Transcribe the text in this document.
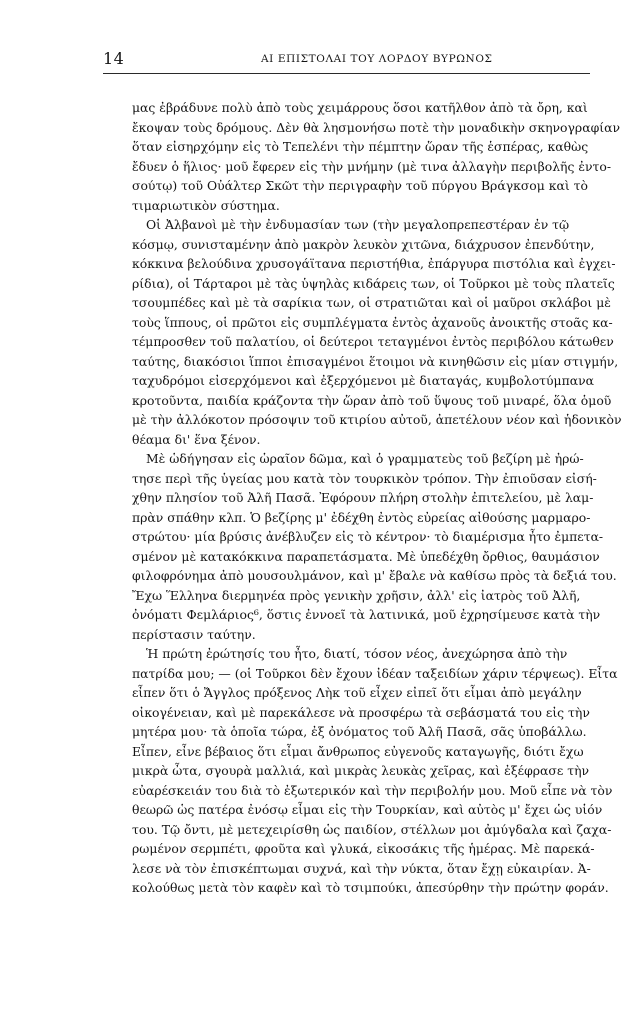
14	ΑΙ ΕΠΙΣΤΟΛΑΙ ΤΟΥ ΛΟΡΔΟΥ ΒΥΡΩΝΟΣ
μας ἐβράδυνε πολὺ ἀπὸ τοὺς χειμάρρους ὅσοι κατῆλθον ἀπὸ τὰ ὄρη, καὶ
ἔκοψαν τοὺς δρόμους. Δὲν θὰ λησμονήσω ποτὲ τὴν μοναδικὴν σκηνογραφίαν
ὅταν εἰσηρχόμην εἰς τὸ Τεπελένι τὴν πέμπτην ὥραν τῆς ἑσπέρας, καθὼς
ἔδυεν ὁ ἥλιος· μοῦ ἔφερεν εἰς τὴν μνήμην (μὲ τινα ἀλλαγὴν περιβολῆς ἐντο-
σούτῳ) τοῦ Οὐάλτερ Σκῶτ τὴν περιγραφὴν τοῦ πύργου Βράγκσομ καὶ τὸ
τιμαριωτικὸν σύστημα.
Οἱ Ἀλβανοὶ μὲ τὴν ἐνδυμασίαν των (τὴν μεγαλοπρεπεστέραν ἐν τῷ
κόσμῳ, συνισταμένην ἀπὸ μακρὸν λευκὸν χιτῶνα, διάχρυσον ἐπενδύτην,
κόκκινα βελούδινα χρυσογάϊτανα περιστήθια, ἐπάργυρα πιστόλια καὶ ἐγχει-
ρίδια), οἱ Τάρταροι μὲ τὰς ὑψηλὰς κιδάρεις των, οἱ Τοῦρκοι μὲ τοὺς πλατεῖς
τσουμπέδες καὶ μὲ τὰ σαρίκια των, οἱ στρατιῶται καὶ οἱ μαῦροι σκλάβοι μὲ
τοὺς ἵππους, οἱ πρῶτοι εἰς συμπλέγματα ἐντὸς ἀχανοῦς ἀνοικτῆς στοᾶς κα-
τέμπροσθεν τοῦ παλατίου, οἱ δεύτεροι τεταγμένοι ἐντὸς περιβόλου κάτωθεν
ταύτης, διακόσιοι ἵπποι ἐπισαγμένοι ἕτοιμοι νὰ κινηθῶσιν εἰς μίαν στιγμήν,
ταχυδρόμοι εἰσερχόμενοι καὶ ἐξερχόμενοι μὲ διαταγάς, κυμβολοτύμπανα
κροτοῦντα, παιδία κράζοντα τὴν ὥραν ἀπὸ τοῦ ὕψους τοῦ μιναρέ, ὅλα ὁμοῦ
μὲ τὴν ἀλλόκοτον πρόσοψιν τοῦ κτιρίου αὐτοῦ, ἀπετέλουν νέον καὶ ἡδονικὸν
θέαμα δι' ἕνα ξένον.
Μὲ ὡδήγησαν εἰς ὡραῖον δῶμα, καὶ ὁ γραμματεὺς τοῦ βεζίρη μὲ ἠρώ-
τησε περὶ τῆς ὑγείας μου κατὰ τὸν τουρκικὸν τρόπον. Τὴν ἐπιοῦσαν εἰσή-
χθην πλησίον τοῦ Ἀλῆ Πασᾶ. Ἐφόρουν πλήρη στολὴν ἐπιτελείου, μὲ λαμ-
πρὰν σπάθην κλπ. Ὁ βεζίρης μ' ἐδέχθη ἐντὸς εὐρείας αἰθούσης μαρμαρο-
στρώτου· μία βρύσις ἀνέβλυζεν εἰς τὸ κέντρον· τὸ διαμέρισμα ἦτο ἐμπετα-
σμένον μὲ κατακόκκινα παραπετάσματα. Μὲ ὑπεδέχθη ὄρθιος, θαυμάσιον
φιλοφρόνημα ἀπὸ μουσουλμάνον, καὶ μ' ἔβαλε νὰ καθίσω πρὸς τὰ δεξιά του.
Ἔχω Ἕλληνα διερμηνέα πρὸς γενικὴν χρῆσιν, ἀλλ' εἰς ἰατρὸς τοῦ Ἀλῆ,
ὀνόματι Φεμλάριος⁶, ὅστις ἐννοεῖ τὰ λατινικά, μοῦ ἐχρησίμευσε κατὰ τὴν
περίστασιν ταύτην.
Ἡ πρώτη ἐρώτησίς του ἦτο, διατί, τόσον νέος, ἀνεχώρησα ἀπὸ τὴν
πατρίδα μου; — (οἱ Τοῦρκοι δὲν ἔχουν ἰδέαν ταξειδίων χάριν τέρψεως). Εἶτα
εἶπεν ὅτι ὁ Ἄγγλος πρόξενος Λὴκ τοῦ εἶχεν εἰπεῖ ὅτι εἶμαι ἀπὸ μεγάλην
οἰκογένειαν, καὶ μὲ παρεκάλεσε νὰ προσφέρω τὰ σεβάσματά του εἰς τὴν
μητέρα μου· τὰ ὁποῖα τώρα, ἐξ ὀνόματος τοῦ Ἀλῆ Πασᾶ, σᾶς ὑποβάλλω.
Εἶπεν, εἶνε βέβαιος ὅτι εἶμαι ἄνθρωπος εὐγενοῦς καταγωγῆς, διότι ἔχω
μικρὰ ὦτα, σγουρὰ μαλλιά, καὶ μικρὰς λευκὰς χεῖρας, καὶ ἐξέφρασε τὴν
εὐαρέσκειάν του διὰ τὸ ἐξωτερικόν καὶ τὴν περιβολήν μου. Μοῦ εἶπε νὰ τὸν
θεωρῶ ὡς πατέρα ἐνόσῳ εἶμαι εἰς τὴν Τουρκίαν, καὶ αὐτὸς μ' ἔχει ὡς υἱόν
του. Τῷ ὄντι, μὲ μετεχειρίσθη ὡς παιδίον, στέλλων μοι ἀμύγδαλα καὶ ζαχα-
ρωμένον σερμπέτι, φροῦτα καὶ γλυκά, εἰκοσάκις τῆς ἡμέρας. Μὲ παρεκά-
λεσε νὰ τὸν ἐπισκέπτωμαι συχνά, καὶ τὴν νύκτα, ὅταν ἔχῃ εὐκαιρίαν. Ἀ-
κολούθως μετὰ τὸν καφὲν καὶ τὸ τσιμπούκι, ἀπεσύρθην τὴν πρώτην φοράν.
